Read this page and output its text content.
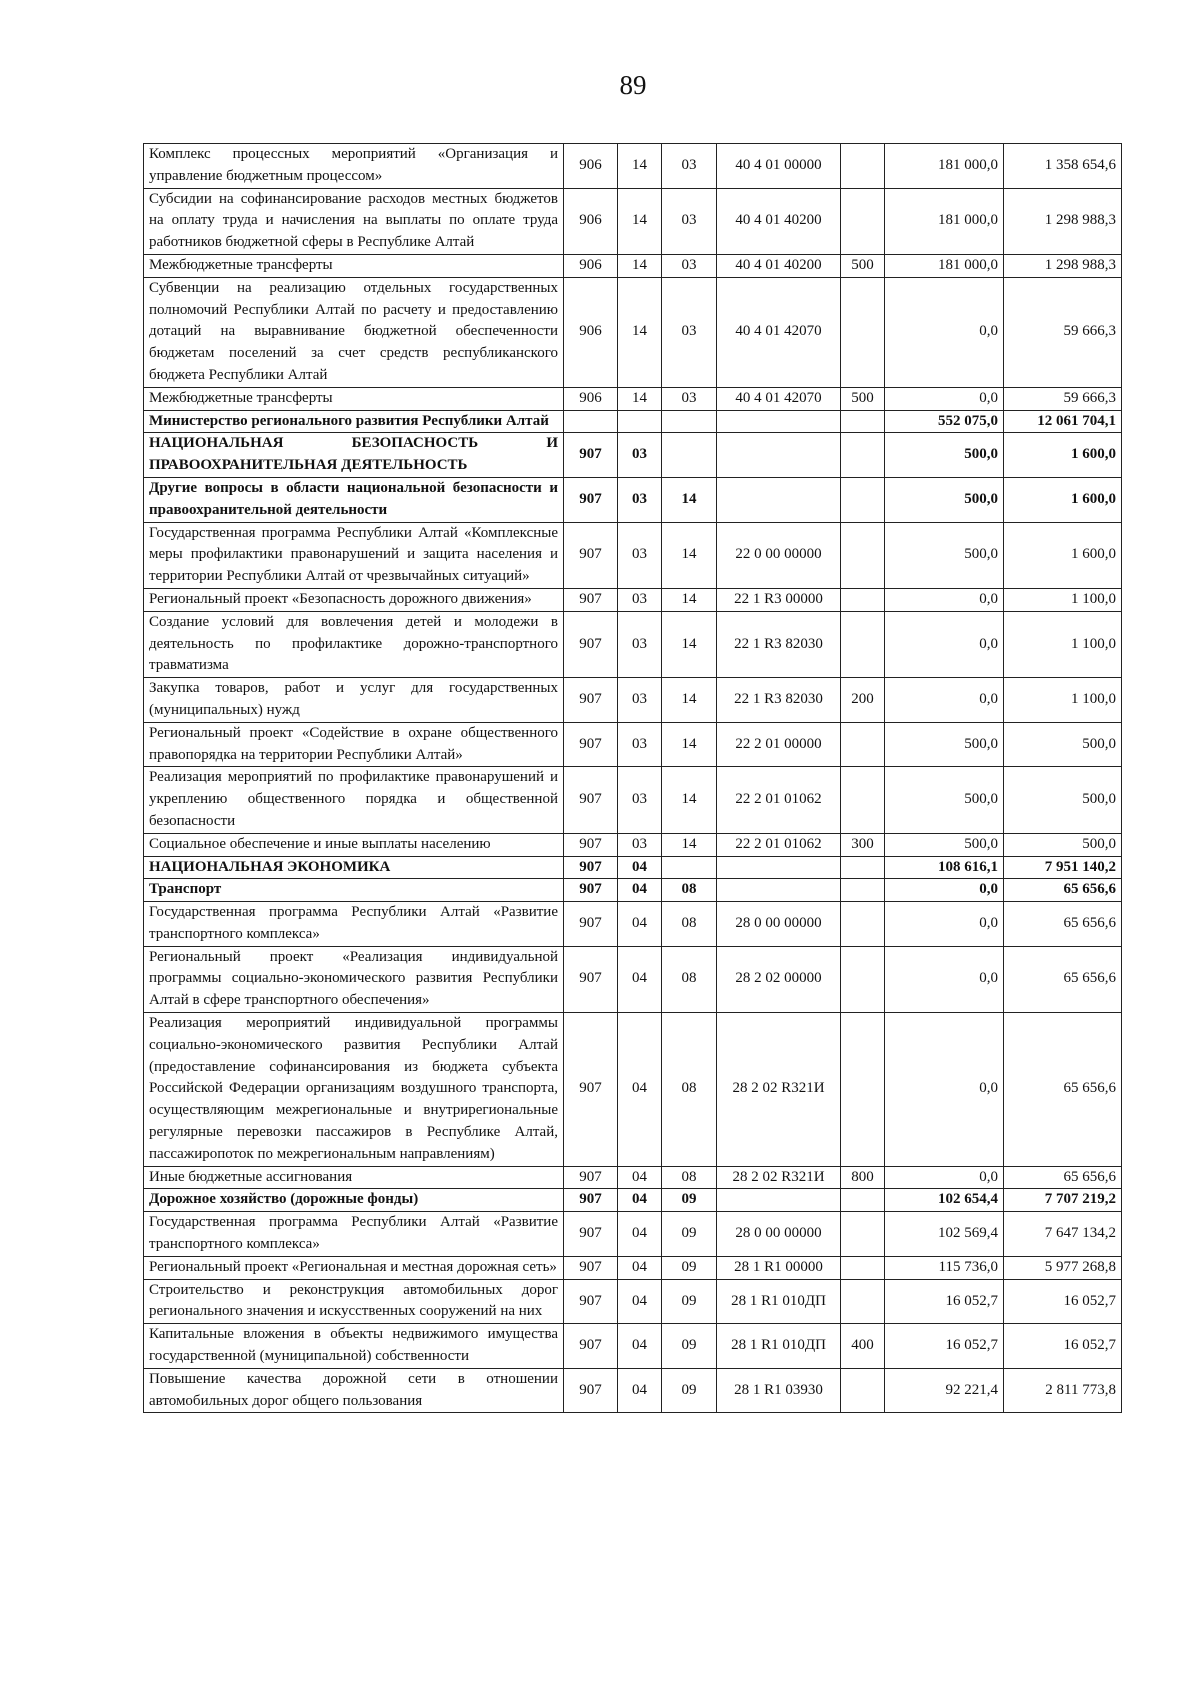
89
Комплекс процессных мероприятий «Организация и управление бюджетным процессом»	906	14	03	40 4 01 00000		181 000,0	1 358 654,6
Субсидии на софинансирование расходов местных бюджетов на оплату труда и начисления на выплаты по оплате труда работников бюджетной сферы в Республике Алтай	906	14	03	40 4 01 40200		181 000,0	1 298 988,3
Межбюджетные трансферты	906	14	03	40 4 01 40200	500	181 000,0	1 298 988,3
Субвенции на реализацию отдельных государственных полномочий Республики Алтай по расчету и предоставлению дотаций на выравнивание бюджетной обеспеченности бюджетам поселений за счет средств республиканского бюджета Республики Алтай	906	14	03	40 4 01 42070		0,0	59 666,3
Межбюджетные трансферты	906	14	03	40 4 01 42070	500	0,0	59 666,3
Министерство регионального развития Республики Алтай						552 075,0	12 061 704,1
НАЦИОНАЛЬНАЯ БЕЗОПАСНОСТЬ И ПРАВООХРАНИТЕЛЬНАЯ ДЕЯТЕЛЬНОСТЬ	907	03				500,0	1 600,0
Другие вопросы в области национальной безопасности и правоохранительной деятельности	907	03	14			500,0	1 600,0
Государственная программа Республики Алтай «Комплексные меры профилактики правонарушений и защита населения и территории Республики Алтай от чрезвычайных ситуаций»	907	03	14	22 0 00 00000		500,0	1 600,0
Региональный проект «Безопасность дорожного движения»	907	03	14	22 1 R3 00000		0,0	1 100,0
Создание условий для вовлечения детей и молодежи в деятельность по профилактике дорожно-транспортного травматизма	907	03	14	22 1 R3 82030		0,0	1 100,0
Закупка товаров, работ и услуг для государственных (муниципальных) нужд	907	03	14	22 1 R3 82030	200	0,0	1 100,0
Региональный проект «Содействие в охране общественного правопорядка на территории Республики Алтай»	907	03	14	22 2 01 00000		500,0	500,0
Реализация мероприятий по профилактике правонарушений и укреплению общественного порядка и общественной безопасности	907	03	14	22 2 01 01062		500,0	500,0
Социальное обеспечение и иные выплаты населению	907	03	14	22 2 01 01062	300	500,0	500,0
НАЦИОНАЛЬНАЯ ЭКОНОМИКА	907	04				108 616,1	7 951 140,2
Транспорт	907	04	08			0,0	65 656,6
Государственная программа Республики Алтай «Развитие транспортного комплекса»	907	04	08	28 0 00 00000		0,0	65 656,6
Региональный проект «Реализация индивидуальной программы социально-экономического развития Республики Алтай в сфере транспортного обеспечения»	907	04	08	28 2 02 00000		0,0	65 656,6
Реализация мероприятий индивидуальной программы социально-экономического развития Республики Алтай (предоставление софинансирования из бюджета субъекта Российской Федерации организациям воздушного транспорта, осуществляющим межрегиональные и внутрирегиональные регулярные перевозки пассажиров в Республике Алтай, пассажиропоток по межрегиональным направлениям)	907	04	08	28 2 02 R321И		0,0	65 656,6
Иные бюджетные ассигнования	907	04	08	28 2 02 R321И	800	0,0	65 656,6
Дорожное хозяйство (дорожные фонды)	907	04	09			102 654,4	7 707 219,2
Государственная программа Республики Алтай «Развитие транспортного комплекса»	907	04	09	28 0 00 00000		102 569,4	7 647 134,2
Региональный проект «Региональная и местная дорожная сеть»	907	04	09	28 1 R1 00000		115 736,0	5 977 268,8
Строительство и реконструкция автомобильных дорог регионального значения и искусственных сооружений на них	907	04	09	28 1 R1 010ДП		16 052,7	16 052,7
Капитальные вложения в объекты недвижимого имущества государственной (муниципальной) собственности	907	04	09	28 1 R1 010ДП	400	16 052,7	16 052,7
Повышение качества дорожной сети в отношении автомобильных дорог общего пользования	907	04	09	28 1 R1 03930		92 221,4	2 811 773,8
